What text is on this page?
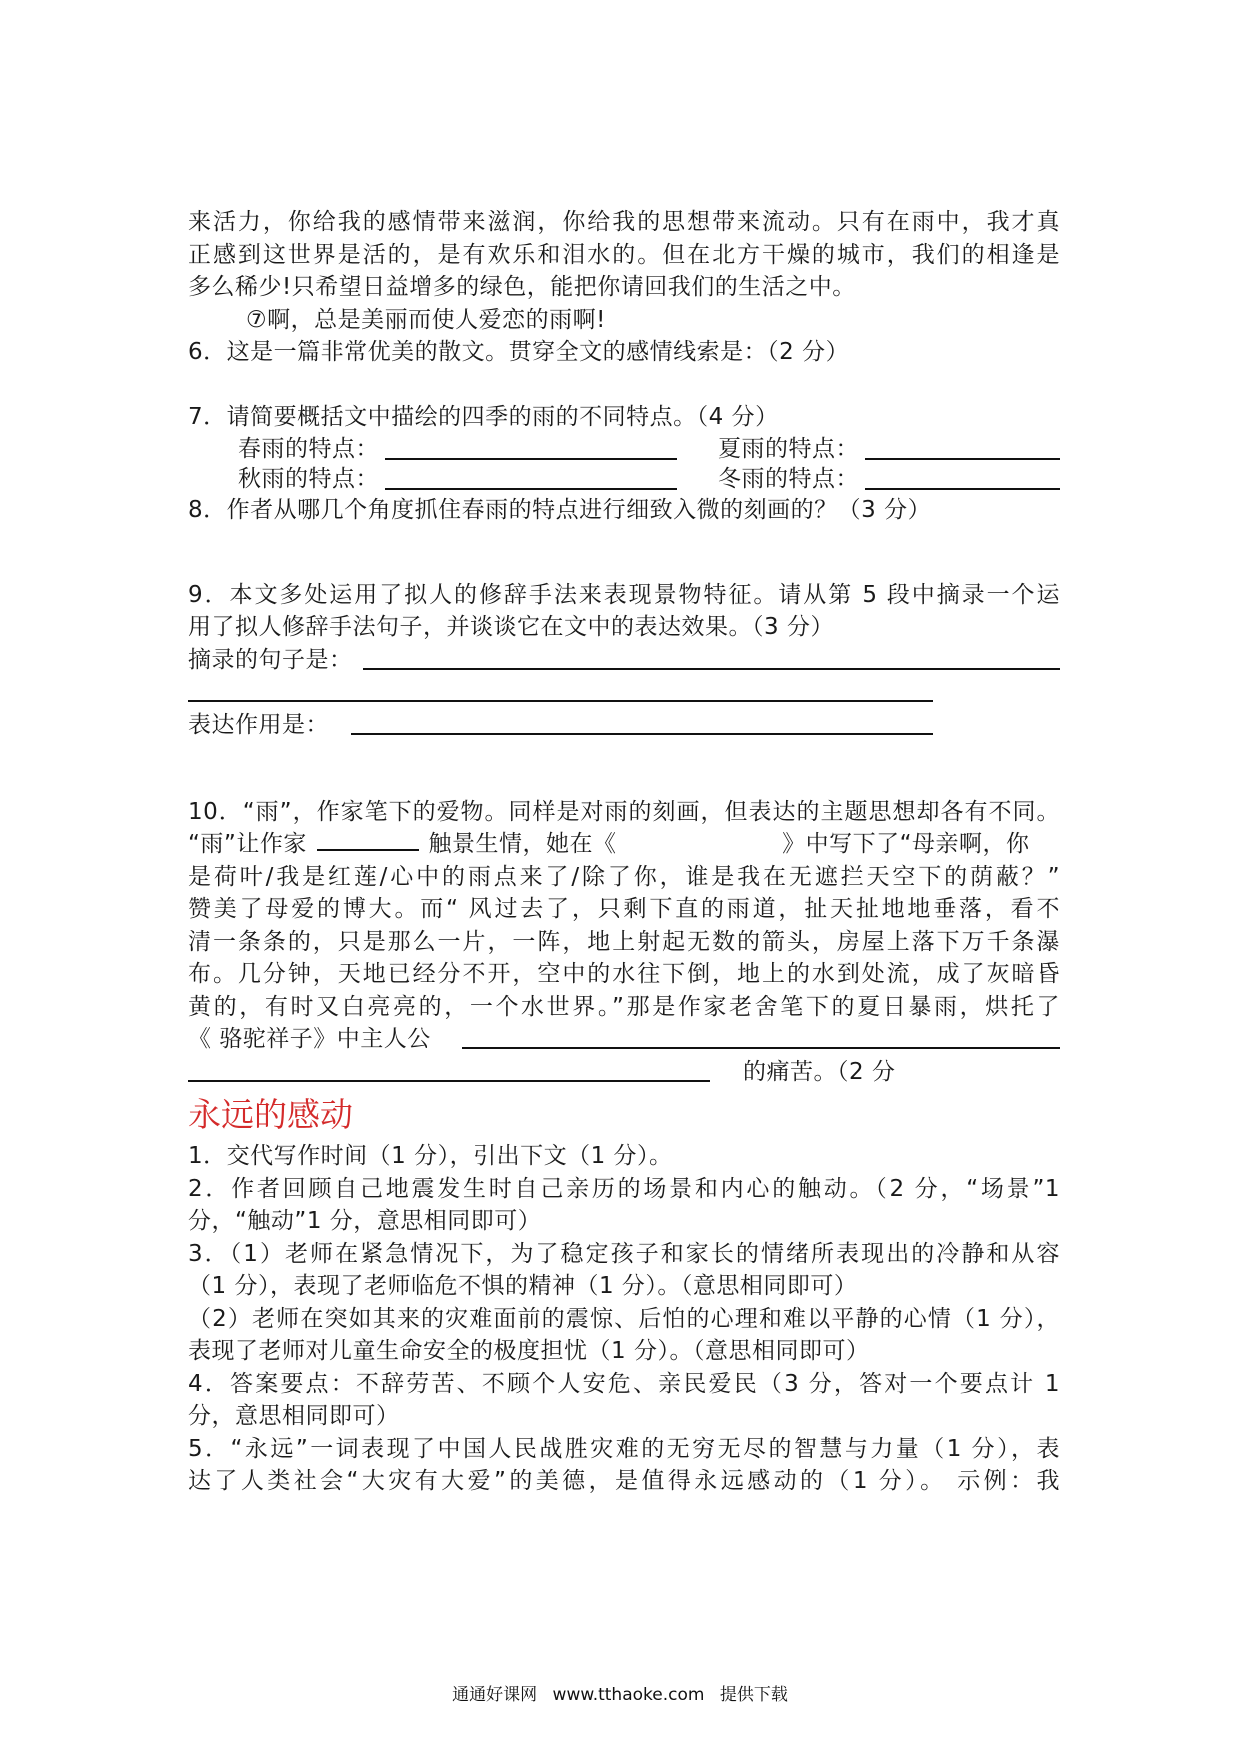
来活力，你给我的感情带来滋润，你给我的思想带来流动。只有在雨中，我才真
正感到这世界是活的，是有欢乐和泪水的。但在北方干燥的城市，我们的相逢是
多么稀少!只希望日益增多的绿色，能把你请回我们的生活之中。
⑦啊，总是美丽而使人爱恋的雨啊!
6．这是一篇非常优美的散文。贯穿全文的感情线索是：（2 分）
7．请简要概括文中描绘的四季的雨的不同特点。（4 分）
春雨的特点：	夏雨的特点：
秋雨的特点：	冬雨的特点：
8．作者从哪几个角度抓住春雨的特点进行细致入微的刻画的？（3 分）
9．本文多处运用了拟人的修辞手法来表现景物特征。请从第 5 段中摘录一个运
用了拟人修辞手法句子，并谈谈它在文中的表达效果。（3 分）
摘录的句子是：
表达作用是：
10．“雨”，作家笔下的爱物。同样是对雨的刻画，但表达的主题思想却各有不同。
“雨”让作家	触景生情，她在《	》中写下了“母亲啊，你
是荷叶/我是红莲/心中的雨点来了/除了你，谁是我在无遮拦天空下的荫蔽？”
赞美了母爱的博大。而“ 风过去了，只剩下直的雨道，扯天扯地地垂落，看不
清一条条的，只是那么一片，一阵，地上射起无数的箭头，房屋上落下万千条瀑
布。几分钟，天地已经分不开，空中的水往下倒，地上的水到处流，成了灰暗昏
黄的，有时又白亮亮的，一个水世界。”那是作家老舍笔下的夏日暴雨，烘托了
《 骆驼祥子》中主人公
的痛苦。（2 分
永远的感动
1．交代写作时间（1 分），引出下文（1 分）。
2．作者回顾自己地震发生时自己亲历的场景和内心的触动。（2 分，“场景”1
分，“触动”1 分，意思相同即可）
3．（1）老师在紧急情况下，为了稳定孩子和家长的情绪所表现出的冷静和从容
（1 分），表现了老师临危不惧的精神（1 分）。（意思相同即可）
（2）老师在突如其来的灾难面前的震惊、后怕的心理和难以平静的心情（1 分），
表现了老师对儿童生命安全的极度担忧（1 分）。（意思相同即可）
4．答案要点：不辞劳苦、不顾个人安危、亲民爱民（3 分，答对一个要点计 1
分，意思相同即可）
5．“永远”一词表现了中国人民战胜灾难的无穷无尽的智慧与力量（1 分），表
达了人类社会“大灾有大爱”的美德，是值得永远感动的（1 分）。 示例：我
通通好课网 www.tthaoke.com 提供下载
